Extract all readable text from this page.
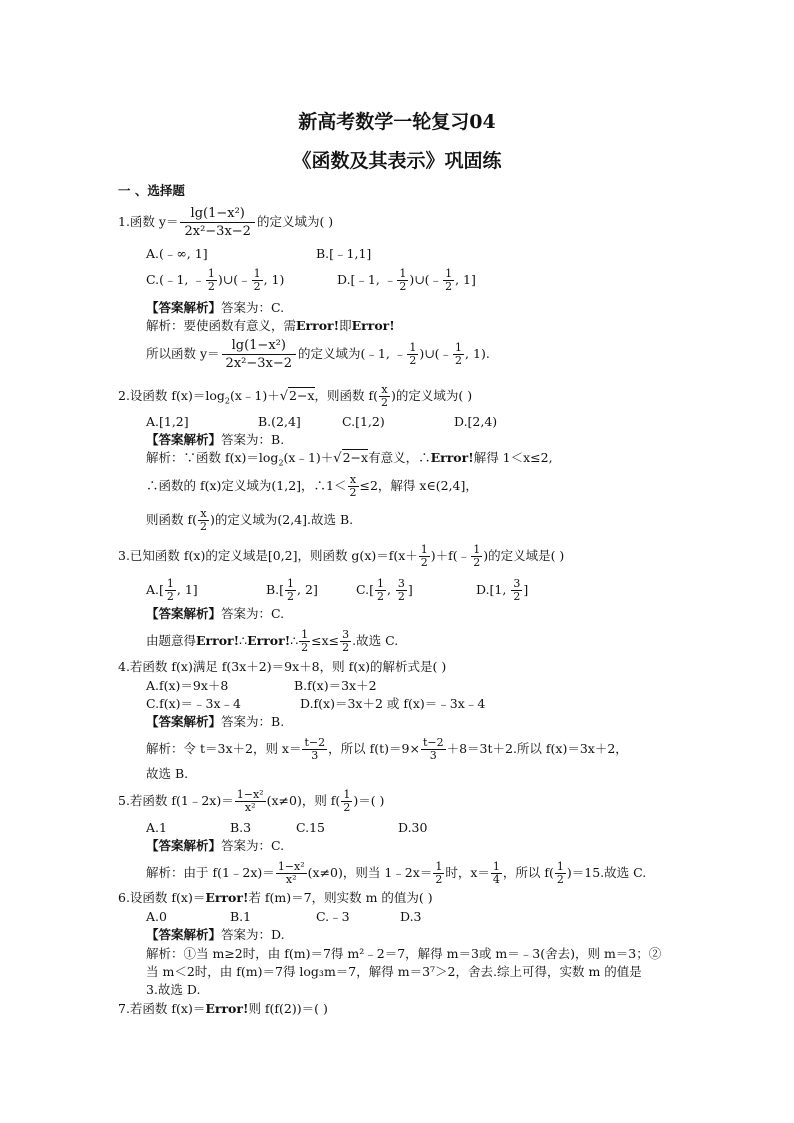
新高考数学一轮复习04
《函数及其表示》巩固练
一 、选择题
1.函数 $y= \frac{\text{lg(1−x²)}}{\text{2x²−3x−2}}$ 的定义域为( )
A.(﹣∞, 1]	B.[﹣1,1]
C.(﹣1, ﹣ $\frac{1}{2}$ )∪(﹣ $\frac{1}{2}$ , 1)	D.[﹣1, ﹣ $\frac{1}{2}$ )∪(﹣ $\frac{1}{2}$ , 1]
【答案解析】答案为：C.
解析：要使函数有意义，需Error!即Error!
所以函数 $y= \frac{\text{lg(1−x²)}}{\text{2x²−3x−2}}$ 的定义域为(﹣1, ﹣ $\frac{1}{2}$ )∪(﹣ $\frac{1}{2}$ , 1).
2.设函数 $f(x)=\log_2(x﹣1)+√2-x$，则函数 $f( \frac{x}{2}$ )的定义域为( )
A.[1,2]	B.(2,4]	C.[1,2)	D.[2,4)
【答案解析】答案为：B.
解析：∵函数 $f(x)=\log_2(x﹣1)+√2-x$有意义，∴Error!解得 1＜x≤2,
∴函数的 f(x)定义域为(1,2]，∴1＜ $\frac{x}{2} \le 2$，解得 x∈(2,4]，
则函数 $f( \frac{x}{2}$ )的定义域为(2,4].故选 B.
3.已知函数 f(x)的定义域是[0,2]，则函数 $g(x)=f(x+ \frac{1}{2}$ )＋f(﹣ $\frac{1}{2}$ )的定义域是( )
$A.[ \frac{1}{2}$ , 1]	$B.[ \frac{1}{2}$ , 2]	$C.[ \frac{1}{2}$ , $\frac{3}{2}$ ]	D.[1, $\frac{3}{2}$ ]
【答案解析】答案为：C.
由题意得Error!∴Error!∴ $\frac{1}{2} \le x\le \frac{3}{2}$ .故选 C.
4.若函数 f(x)满足 f(3x＋2)＝9x＋8，则 f(x)的解析式是( )
A.f(x)＝9x＋8	B.f(x)＝3x＋2
C.f(x)＝﹣3x﹣4	D.f(x)＝3x＋2 或 f(x)＝﹣3x﹣4
【答案解析】答案为：B.
解析：令 t＝3x＋2，则 $x= \frac{t-2}{3}$ ，所以 $f(t)=9\times \frac{t-2}{3} +8=3t+2$.所以 f(x)＝3x＋2，
故选 B.
5.若函数 f(1﹣2x)＝ $\frac{\text{1−x²}}{\text{x²}} (x\ne 0)$，则 $f( \frac{1}{2}$ )＝( )
A.1	B.3	C.15	D.30
【答案解析】答案为：C.
解析：由于 f(1﹣2x)＝ $\frac{\text{1−x²}}{\text{x²}} (x\ne 0)$，则当 1﹣2x＝ $\frac{1}{2}$ 时，$x= \frac{1}{4}$ ，所以 $f( \frac{1}{2} )=15$.故选 C.
6.设函数 f(x)＝Error!若 f(m)＝7，则实数 m 的值为( )
A.0	B.1	C.﹣3	D.3
【答案解析】答案为：D.
解析：①当 m≥2时，由 f(m)＝7得 m²﹣2＝7，解得 m＝3或 m＝﹣3(舍去)，则 m＝3；②
当 m＜2时，由 f(m)＝7得 log₃m＝7，解得 m＝3⁷＞2，舍去.综上可得，实数 m 的值是
3.故选 D.
7.若函数 f(x)＝Error!则 f(f(2))＝( )
